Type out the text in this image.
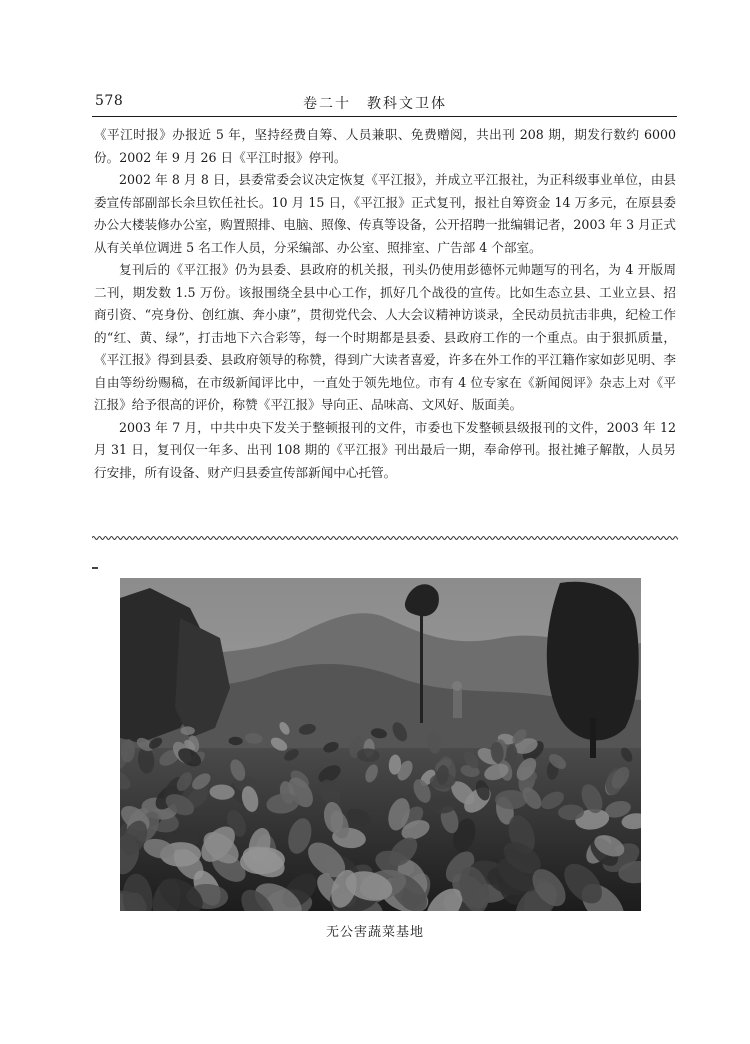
578	卷二十　教科文卫体

《平江时报》办报近 5 年，坚持经费自筹、人员兼职、免费赠阅，共出刊 208 期，期发行数约 6000 份。2002 年 9 月 26 日《平江时报》停刊。

2002 年 8 月 8 日，县委常委会议决定恢复《平江报》，并成立平江报社，为正科级事业单位，由县委宣传部副部长余旦钦任社长。10 月 15 日，《平江报》正式复刊，报社自筹资金 14 万多元，在原县委办公大楼装修办公室，购置照排、电脑、照像、传真等设备，公开招聘一批编辑记者，2003 年 3 月正式从有关单位调进 5 名工作人员，分采编部、办公室、照排室、广告部 4 个部室。

复刊后的《平江报》仍为县委、县政府的机关报，刊头仍使用彭德怀元帅题写的刊名，为 4 开版周二刊，期发数 1.5 万份。该报围绕全县中心工作，抓好几个战役的宣传。比如生态立县、工业立县、招商引资、“亮身份、创红旗、奔小康”，贯彻党代会、人大会议精神访谈录，全民动员抗击非典，纪检工作的“红、黄、绿”，打击地下六合彩等，每一个时期都是县委、县政府工作的一个重点。由于狠抓质量，《平江报》得到县委、县政府领导的称赞，得到广大读者喜爱，许多在外工作的平江籍作家如彭见明、李自由等纷纷赐稿，在市级新闻评比中，一直处于领先地位。市有 4 位专家在《新闻阅评》杂志上对《平江报》给予很高的评价，称赞《平江报》导向正、品味高、文风好、版面美。

2003 年 7 月，中共中央下发关于整顿报刊的文件，市委也下发整顿县级报刊的文件，2003 年 12 月 31 日，复刊仅一年多、出刊 108 期的《平江报》刊出最后一期，奉命停刊。报社摊子解散，人员另行安排，所有设备、财产归县委宣传部新闻中心托管。

无公害蔬菜基地
